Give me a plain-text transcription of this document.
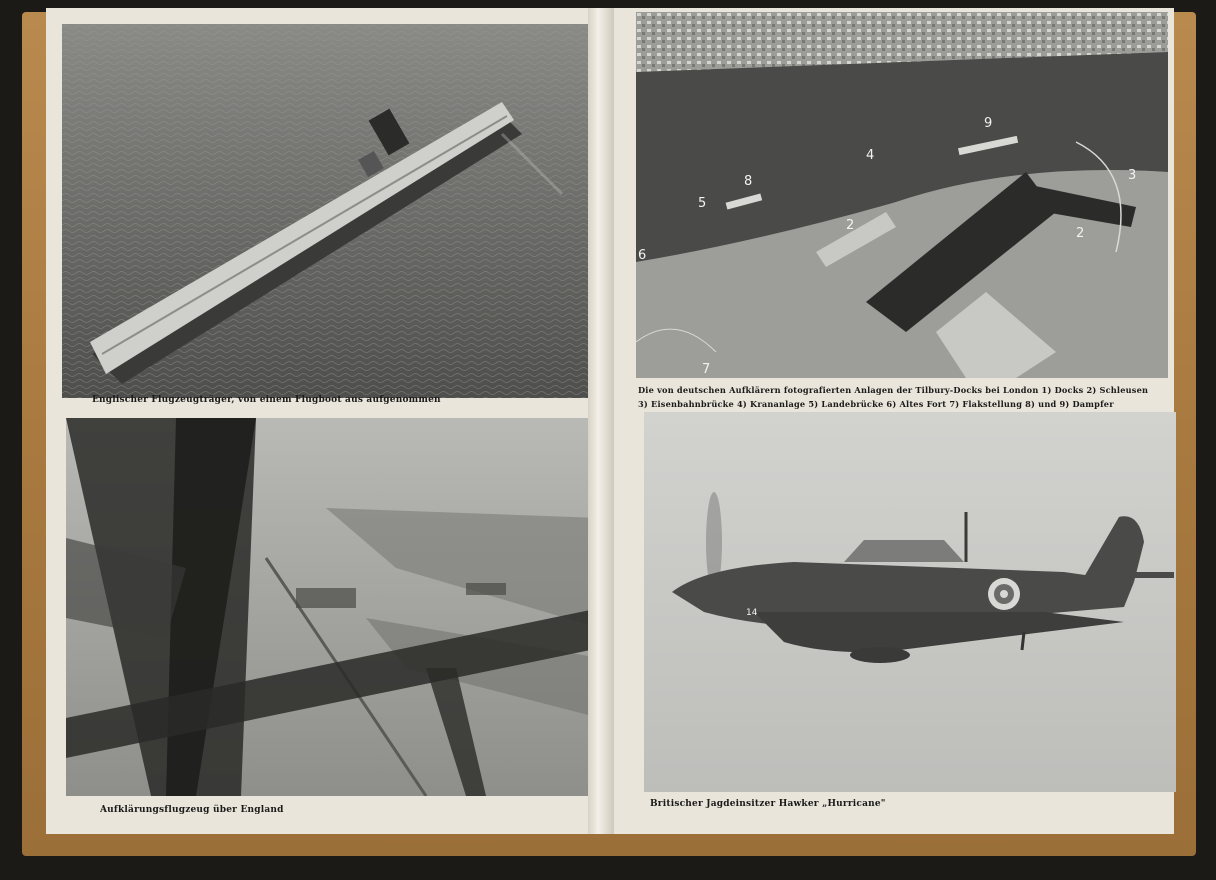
Englischer Flugzeugträger, von einem Flugboot aus aufgenommen
Aufklärungsflugzeug über England
9
4
8
5
2
3
2
6
7
Die von deutschen Aufklärern fotografierten Anlagen der Tilbury-Docks bei London 1) Docks 2) Schleusen
3) Eisenbahnbrücke 4) Krananlage 5) Landebrücke 6) Altes Fort 7) Flakstellung 8) und 9) Dampfer
14
Britischer Jagdeinsitzer Hawker „Hurricane"
